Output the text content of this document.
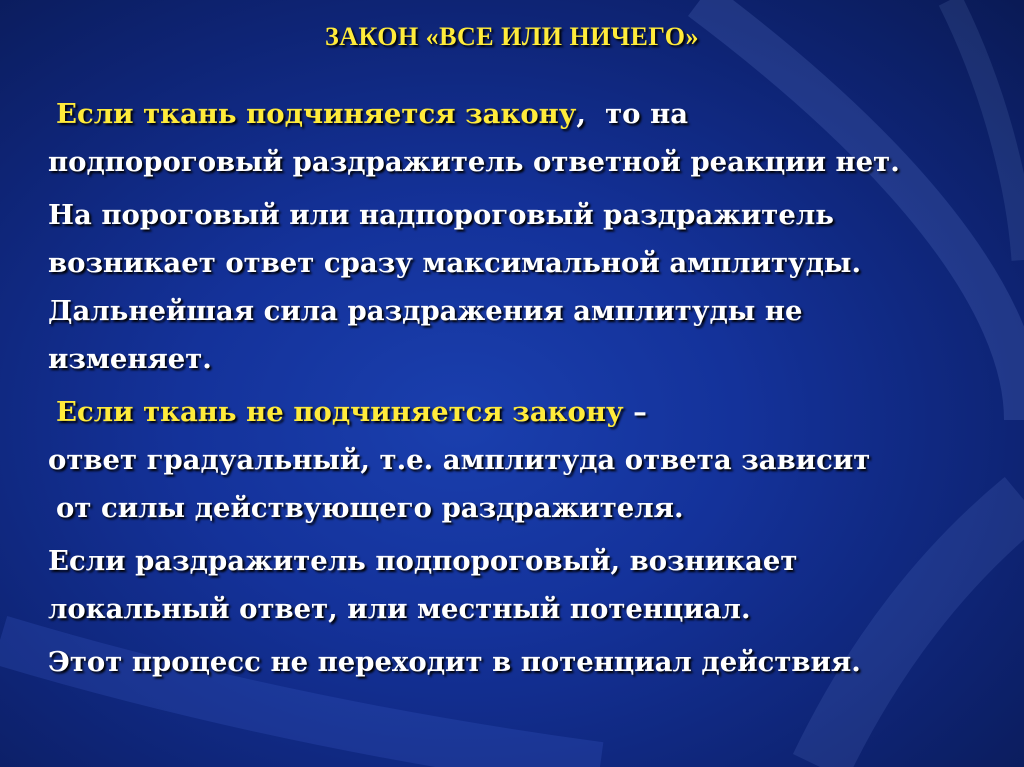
ЗАКОН «ВСЕ ИЛИ НИЧЕГО»
Если ткань подчиняется закону,  то на
подпороговый раздражитель ответной реакции нет.
На пороговый или надпороговый раздражитель
возникает ответ сразу максимальной амплитуды.
Дальнейшая сила раздражения амплитуды не
изменяет.
Если ткань не подчиняется закону –
ответ градуальный, т.е. амплитуда ответа зависит
от силы действующего раздражителя.
Если раздражитель подпороговый, возникает
локальный ответ, или местный потенциал.
Этот процесс не переходит в потенциал действия.
